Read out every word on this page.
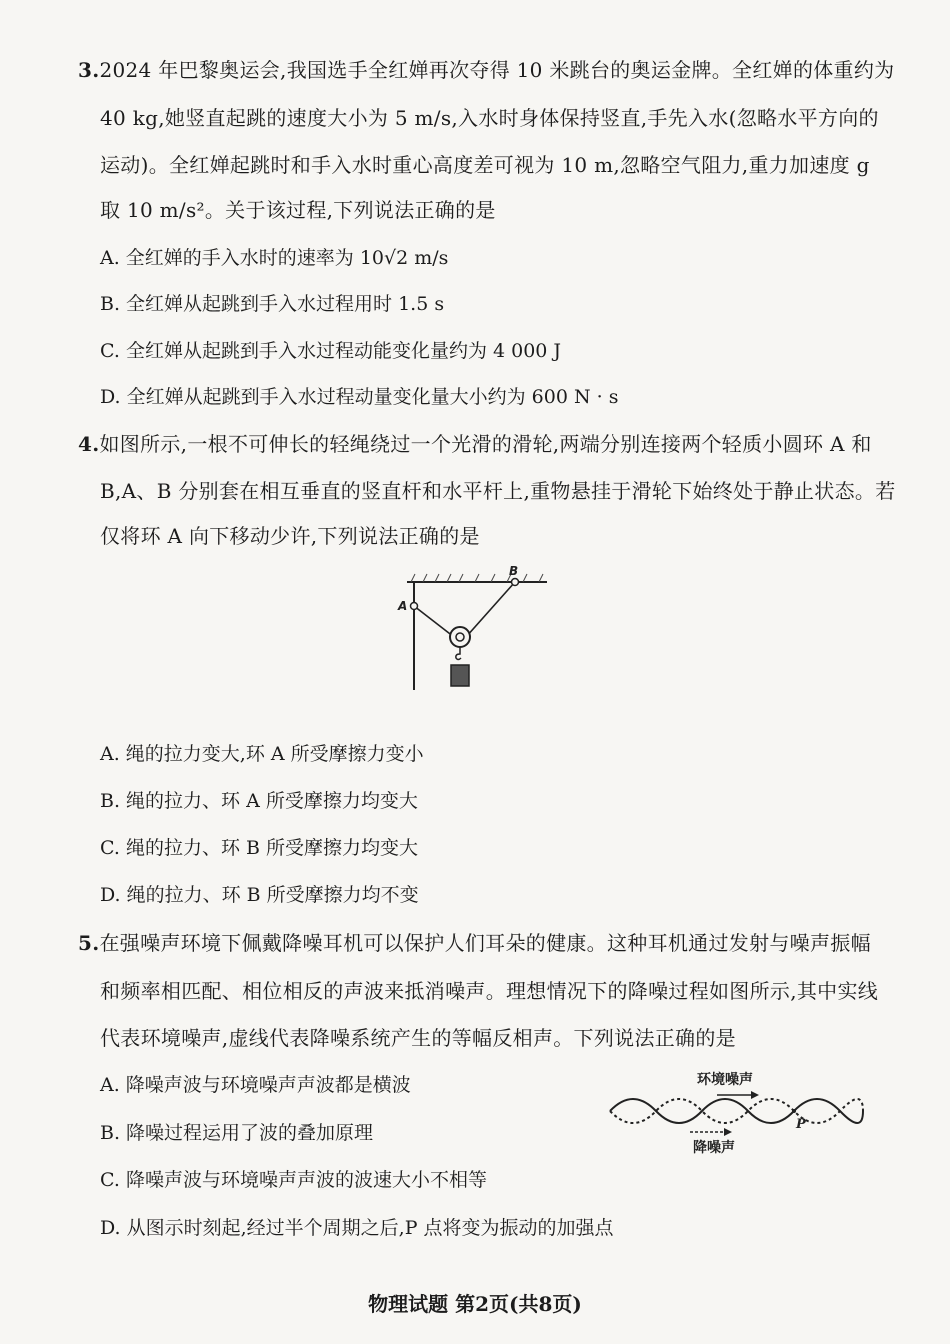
3.2024 年巴黎奥运会,我国选手全红婵再次夺得 10 米跳台的奥运金牌。全红婵的体重约为
40 kg,她竖直起跳的速度大小为 5 m/s,入水时身体保持竖直,手先入水(忽略水平方向的
运动)。全红婵起跳时和手入水时重心高度差可视为 10 m,忽略空气阻力,重力加速度 g
取 10 m/s²。关于该过程,下列说法正确的是
A. 全红婵的手入水时的速率为 10√2 m/s
B. 全红婵从起跳到手入水过程用时 1.5 s
C. 全红婵从起跳到手入水过程动能变化量约为 4 000 J
D. 全红婵从起跳到手入水过程动量变化量大小约为 600 N · s
4.如图所示,一根不可伸长的轻绳绕过一个光滑的滑轮,两端分别连接两个轻质小圆环 A 和
B,A、B 分别套在相互垂直的竖直杆和水平杆上,重物悬挂于滑轮下始终处于静止状态。若
仅将环 A 向下移动少许,下列说法正确的是
A
B
A. 绳的拉力变大,环 A 所受摩擦力变小
B. 绳的拉力、环 A 所受摩擦力均变大
C. 绳的拉力、环 B 所受摩擦力均变大
D. 绳的拉力、环 B 所受摩擦力均不变
5.在强噪声环境下佩戴降噪耳机可以保护人们耳朵的健康。这种耳机通过发射与噪声振幅
和频率相匹配、相位相反的声波来抵消噪声。理想情况下的降噪过程如图所示,其中实线
代表环境噪声,虚线代表降噪系统产生的等幅反相声。下列说法正确的是
A. 降噪声波与环境噪声声波都是横波
B. 降噪过程运用了波的叠加原理
C. 降噪声波与环境噪声声波的波速大小不相等
D. 从图示时刻起,经过半个周期之后,P 点将变为振动的加强点
环境噪声
降噪声
P
物理试题 第2页(共8页)
